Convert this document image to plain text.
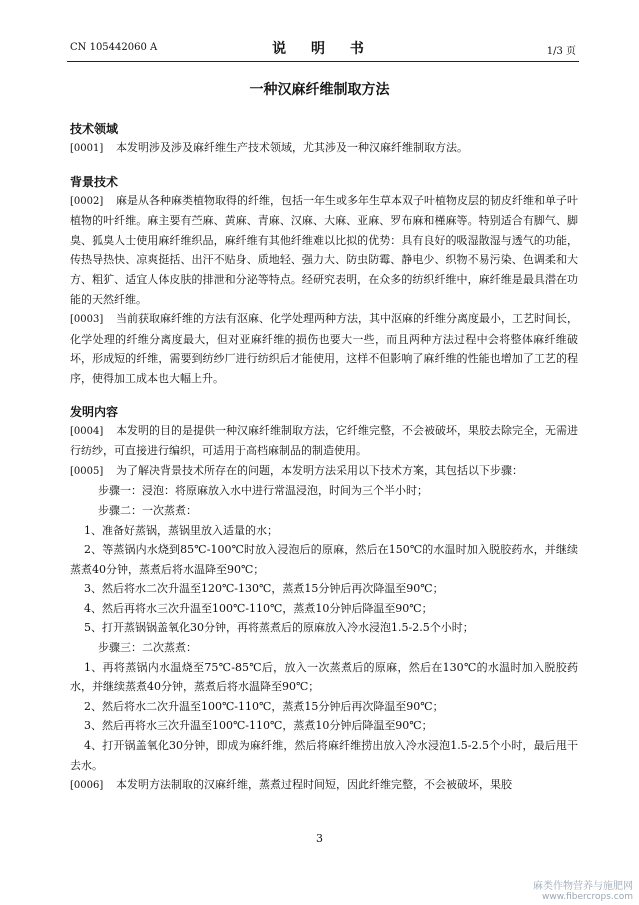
CN 105442060 A	说 明 书	1/3 页
一种汉麻纤维制取方法
技术领域

[0001] 本发明涉及涉及麻纤维生产技术领域，尤其涉及一种汉麻纤维制取方法。

背景技术

[0002] 麻是从各种麻类植物取得的纤维，包括一年生或多年生草本双子叶植物皮层的韧皮纤维和单子叶植物的叶纤维。麻主要有苎麻、黄麻、青麻、汉麻、大麻、亚麻、罗布麻和槿麻等。特别适合有脚气、脚臭、狐臭人士使用麻纤维织品，麻纤维有其他纤维难以比拟的优势：具有良好的吸湿散湿与透气的功能，传热导热快、凉爽挺括、出汗不贴身、质地轻、强力大、防虫防霉、静电少、织物不易污染、色调柔和大方、粗犷、适宜人体皮肤的排泄和分泌等特点。经研究表明，在众多的纺织纤维中，麻纤维是最具潜在功能的天然纤维。

[0003] 当前获取麻纤维的方法有沤麻、化学处理两种方法，其中沤麻的纤维分离度最小，工艺时间长，化学处理的纤维分离度最大，但对亚麻纤维的损伤也要大一些，而且两种方法过程中会将整体麻纤维破坏，形成短的纤维，需要到纺纱厂进行纺织后才能使用，这样不但影响了麻纤维的性能也增加了工艺的程序，使得加工成本也大幅上升。

发明内容

[0004] 本发明的目的是提供一种汉麻纤维制取方法，它纤维完整，不会被破坏，果胶去除完全，无需进行纺纱，可直接进行编织，可适用于高档麻制品的制造使用。

[0005] 为了解决背景技术所存在的问题，本发明方法采用以下技术方案，其包括以下步骤：

步骤一：浸泡：将原麻放入水中进行常温浸泡，时间为三个半小时；

步骤二：一次蒸煮：

1、准备好蒸锅，蒸锅里放入适量的水；

2、等蒸锅内水烧到85℃-100℃时放入浸泡后的原麻，然后在150℃的水温时加入脱胶药水，并继续蒸煮40分钟，蒸煮后将水温降至90℃；

3、然后将水二次升温至120℃-130℃，蒸煮15分钟后再次降温至90℃；

4、然后再将水三次升温至100℃-110℃，蒸煮10分钟后降温至90℃；

5、打开蒸锅锅盖氧化30分钟，再将蒸煮后的原麻放入冷水浸泡1.5-2.5个小时；

步骤三：二次蒸煮：

1、再将蒸锅内水温烧至75℃-85℃后，放入一次蒸煮后的原麻，然后在130℃的水温时加入脱胶药水，并继续蒸煮40分钟，蒸煮后将水温降至90℃；

2、然后将水二次升温至100℃-110℃，蒸煮15分钟后再次降温至90℃；

3、然后再将水三次升温至100℃-110℃，蒸煮10分钟后降温至90℃；

4、打开锅盖氧化30分钟，即成为麻纤维，然后将麻纤维捞出放入冷水浸泡1.5-2.5个小时，最后甩干去水。

[0006] 本发明方法制取的汉麻纤维，蒸煮过程时间短，因此纤维完整，不会被破坏，果胶

3
麻类作物营养与施肥网
www.fibercrops.com
